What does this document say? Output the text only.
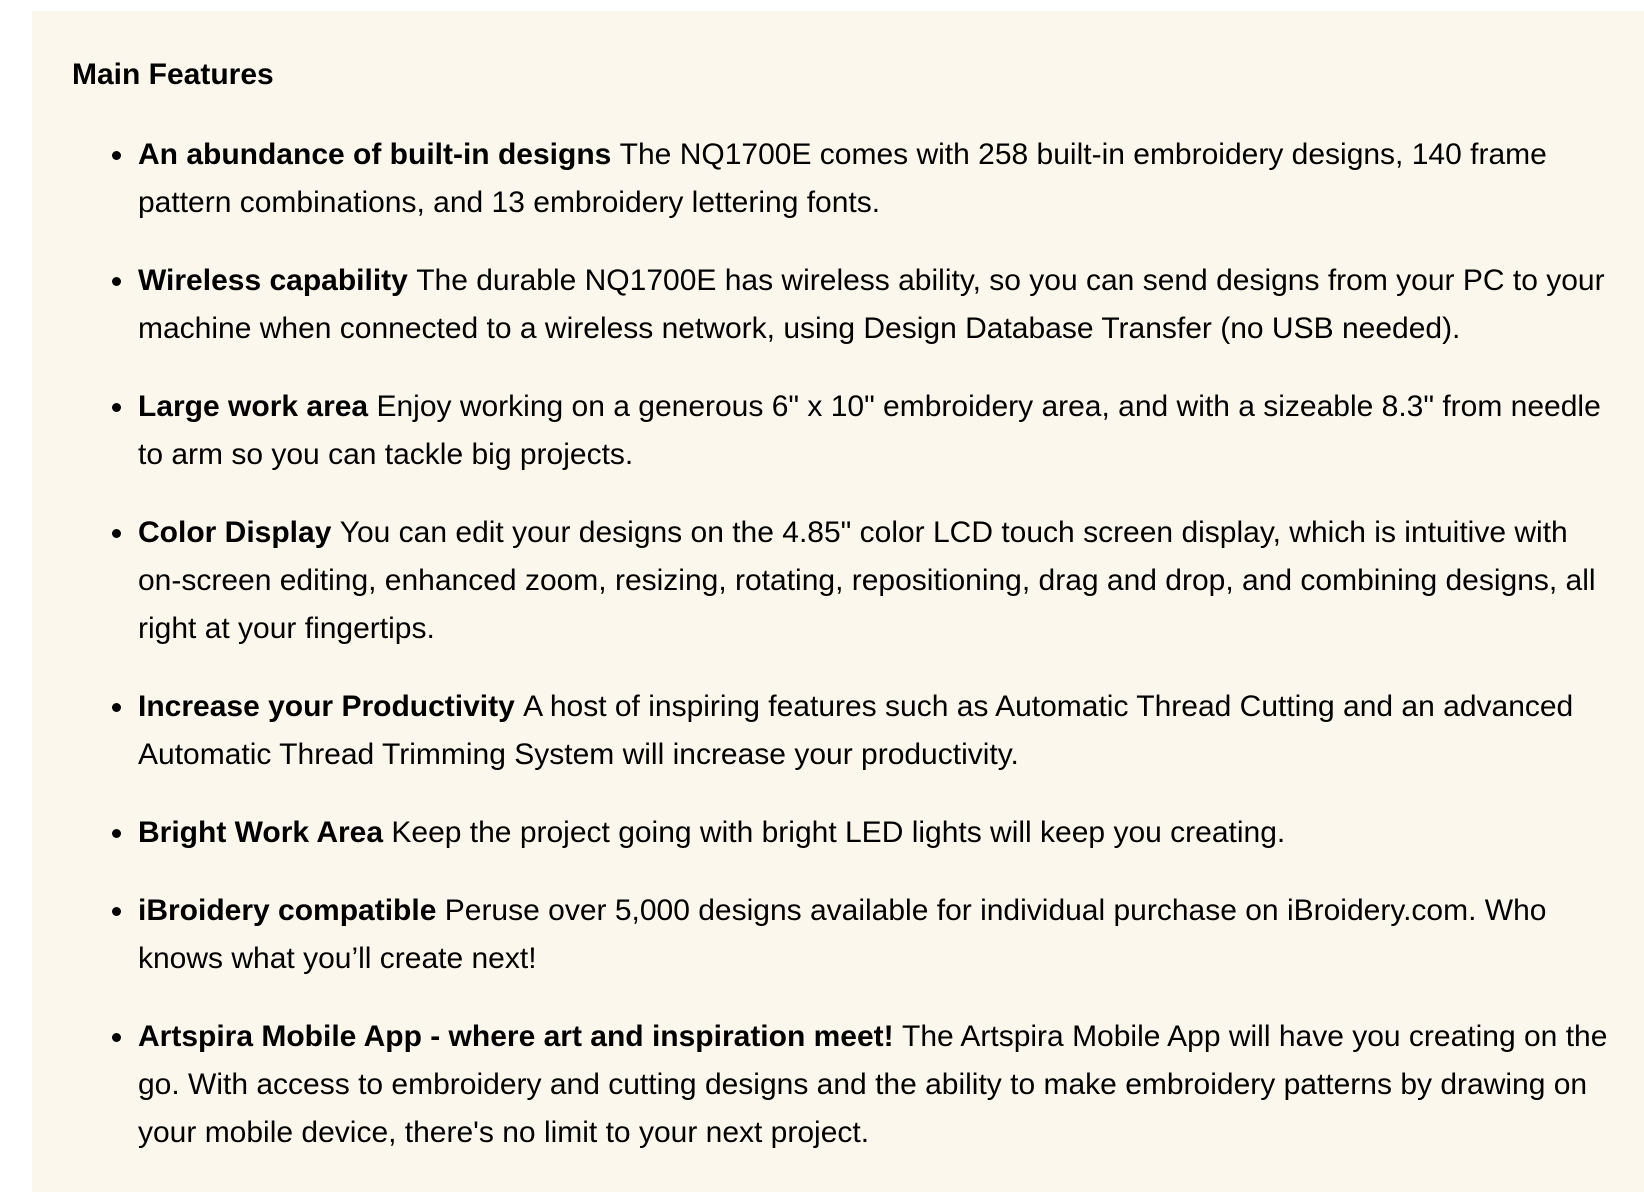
Main Features
An abundance of built-in designs The NQ1700E comes with 258 built-in embroidery designs, 140 frame pattern combinations, and 13 embroidery lettering fonts.
Wireless capability The durable NQ1700E has wireless ability, so you can send designs from your PC to your machine when connected to a wireless network, using Design Database Transfer (no USB needed).
Large work area Enjoy working on a generous 6" x 10" embroidery area, and with a sizeable 8.3" from needle to arm so you can tackle big projects.
Color Display You can edit your designs on the 4.85" color LCD touch screen display, which is intuitive with on-screen editing, enhanced zoom, resizing, rotating, repositioning, drag and drop, and combining designs, all right at your fingertips.
Increase your Productivity A host of inspiring features such as Automatic Thread Cutting and an advanced Automatic Thread Trimming System will increase your productivity.
Bright Work Area Keep the project going with bright LED lights will keep you creating.
iBroidery compatible Peruse over 5,000 designs available for individual purchase on iBroidery.com. Who knows what you’ll create next!
Artspira Mobile App - where art and inspiration meet! The Artspira Mobile App will have you creating on the go. With access to embroidery and cutting designs and the ability to make embroidery patterns by drawing on your mobile device, there's no limit to your next project.
